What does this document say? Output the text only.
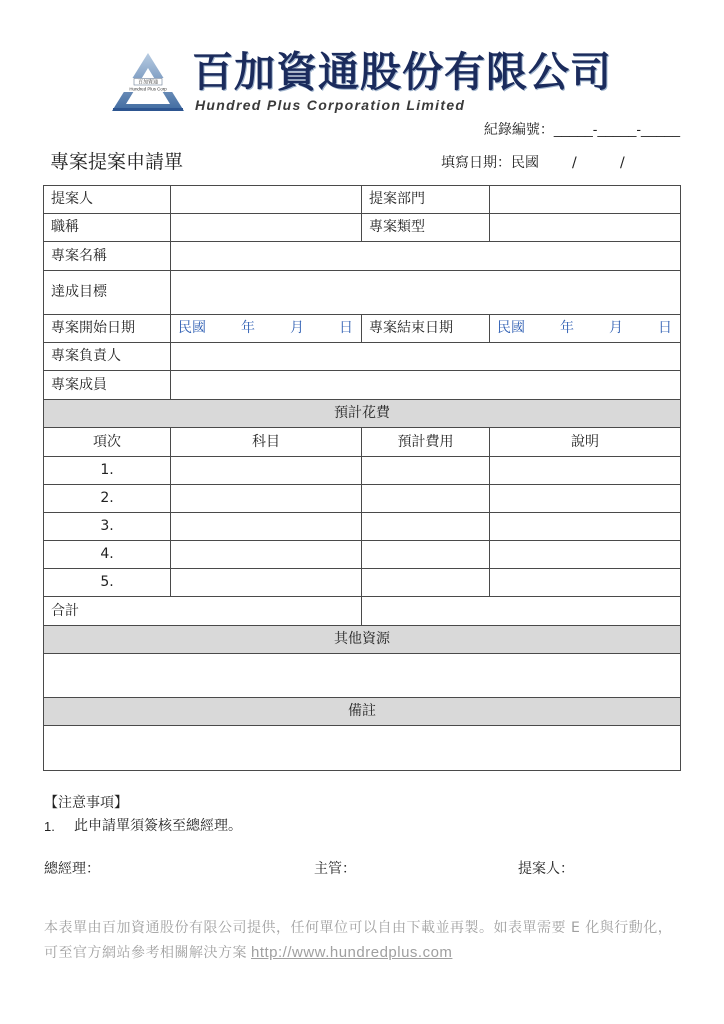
百加資通
Hundred Plus Corp 百加資通股份有限公司
Hundred Plus Corporation Limited
紀錄編號：_____-_____-_____
專案提案申請單	填寫日期：民國 /	/
提案人		提案部門	
職稱		專案類型	
專案名稱			
達成目標			
專案開始日期	民國 年 月 日	專案結束日期	民國 年 月 日

專案負責人			
專案成員			
預計花費			
項次	科目	預計費用	說明
1.			
2.			
3.			
4.			
5.			
合計			
其他資源			

備註			

【注意事項】
1. 此申請單須簽核至總經理。
總經理：	主管：	提案人：
本表單由百加資通股份有限公司提供，任何單位可以自由下載並再製。如表單需要 E 化與行動化，
可至官方網站參考相關解決方案 http://www.hundredplus.com
